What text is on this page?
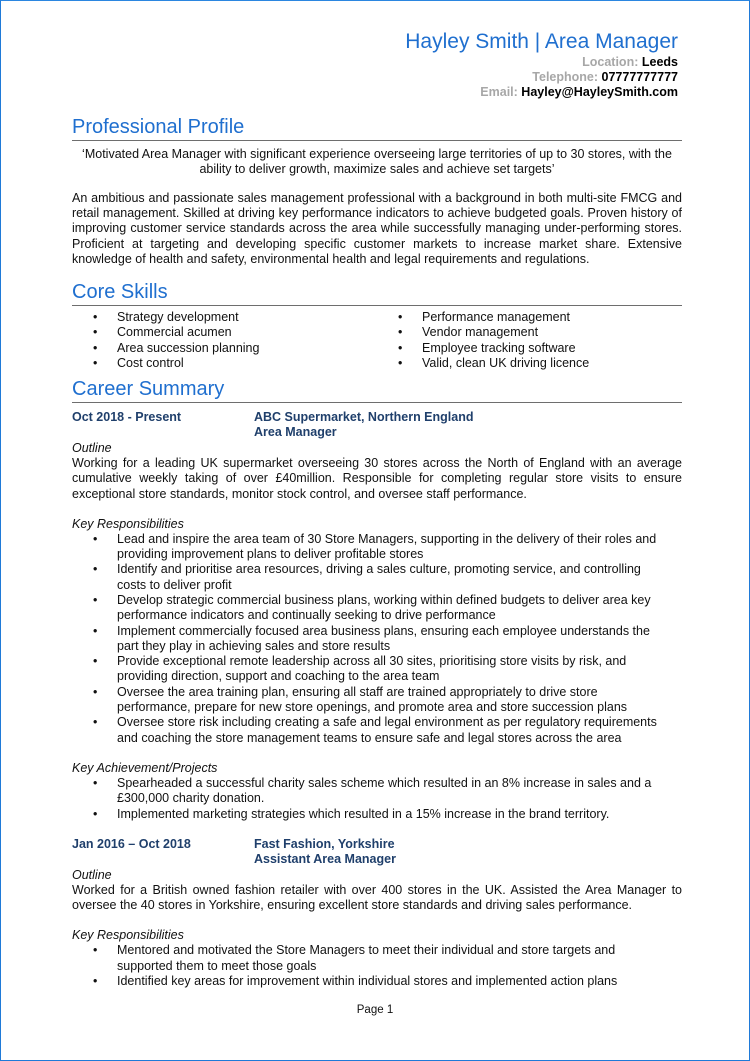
Hayley Smith | Area Manager
Location: Leeds
Telephone: 07777777777
Email: Hayley@HayleySmith.com
Professional Profile
‘Motivated Area Manager with significant experience overseeing large territories of up to 30 stores, with the ability to deliver growth, maximize sales and achieve set targets’
An ambitious and passionate sales management professional with a background in both multi-site FMCG and retail management. Skilled at driving key performance indicators to achieve budgeted goals. Proven history of improving customer service standards across the area while successfully managing under-performing stores. Proficient at targeting and developing specific customer markets to increase market share. Extensive knowledge of health and safety, environmental health and legal requirements and regulations.
Core Skills
• Strategy development
• Commercial acumen
• Area succession planning
• Cost control
• Performance management
• Vendor management
• Employee tracking software
• Valid, clean UK driving licence
Career Summary
Oct 2018 - Present	ABC Supermarket, Northern England
Area Manager
Outline
Working for a leading UK supermarket overseeing 30 stores across the North of England with an average cumulative weekly taking of over £40million. Responsible for completing regular store visits to ensure exceptional store standards, monitor stock control, and oversee staff performance.
Key Responsibilities
• Lead and inspire the area team of 30 Store Managers, supporting in the delivery of their roles and providing improvement plans to deliver profitable stores
• Identify and prioritise area resources, driving a sales culture, promoting service, and controlling costs to deliver profit
• Develop strategic commercial business plans, working within defined budgets to deliver area key performance indicators and continually seeking to drive performance
• Implement commercially focused area business plans, ensuring each employee understands the part they play in achieving sales and store results
• Provide exceptional remote leadership across all 30 sites, prioritising store visits by risk, and providing direction, support and coaching to the area team
• Oversee the area training plan, ensuring all staff are trained appropriately to drive store performance, prepare for new store openings, and promote area and store succession plans
• Oversee store risk including creating a safe and legal environment as per regulatory requirements and coaching the store management teams to ensure safe and legal stores across the area
Key Achievement/Projects
• Spearheaded a successful charity sales scheme which resulted in an 8% increase in sales and a £300,000 charity donation.
• Implemented marketing strategies which resulted in a 15% increase in the brand territory.
Jan 2016 – Oct 2018	Fast Fashion, Yorkshire
Assistant Area Manager
Outline
Worked for a British owned fashion retailer with over 400 stores in the UK. Assisted the Area Manager to oversee the 40 stores in Yorkshire, ensuring excellent store standards and driving sales performance.
Key Responsibilities
• Mentored and motivated the Store Managers to meet their individual and store targets and supported them to meet those goals
• Identified key areas for improvement within individual stores and implemented action plans
Page 1
